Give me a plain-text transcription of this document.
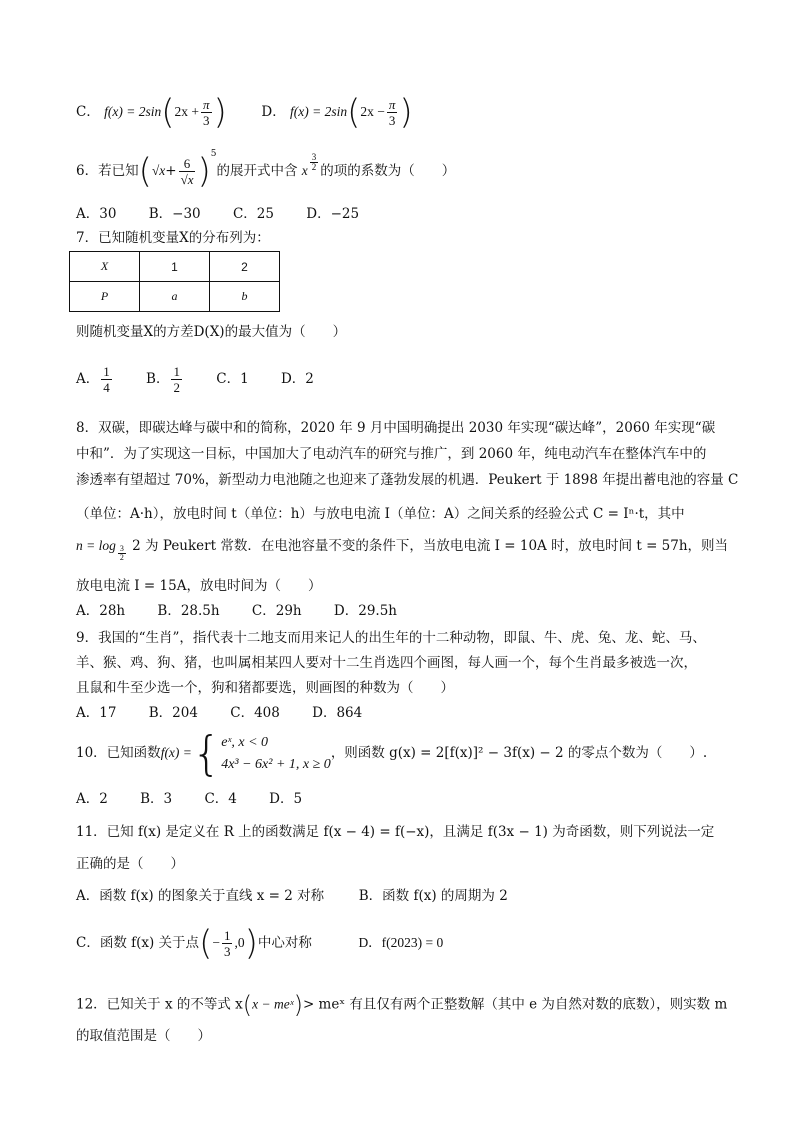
C． $f(x) = 2\sin(2x + \frac{\pi}{3}$ )	D． $f(x) = 2\sin(2x - \frac{\pi}{3}$ )
6．若已知$(√x+ \frac{6}{√x} )^5$的展开式中含 x $\frac{3}{2}$ 的项的系数为（　　）
A．30 B．−30 C．25 D．−25
7．已知随机变量X的分布列为：
X	1	2
P	a	b
则随机变量X的方差D(X)的最大值为（　　）
A． $\frac{1}{4}$	B． $\frac{1}{2}$	C．1 D．2
8．双碳，即碳达峰与碳中和的简称，2020 年 9 月中国明确提出 2030 年实现“碳达峰”，2060 年实现“碳
中和”．为了实现这一目标，中国加大了电动汽车的研究与推广，到 2060 年，纯电动汽车在整体汽车中的
渗透率有望超过 70%，新型动力电池随之也迎来了蓬勃发展的机遇．Peukert 于 1898 年提出蓄电池的容量 C
（单位：A·h），放电时间 t（单位：h）与放电电流 I（单位：A）之间关系的经验公式 C = Iⁿ·t，其中
$n = \log \frac{3}{2} 2$ 为 Peukert 常数．在电池容量不变的条件下，当放电电流 I = 10A 时，放电时间 t = 57h，则当
放电电流 I = 15A，放电时间为（　　）
A．28h B．28.5h C．29h D．29.5h
9．我国的“生肖”，指代表十二地支而用来记人的出生年的十二种动物，即鼠、牛、虎、兔、龙、蛇、马、
羊、猴、鸡、狗、猪，也叫属相某四人要对十二生肖选四个画图，每人画一个，每个生肖最多被选一次，
且鼠和牛至少选一个，狗和猪都要选，则画图的种数为（　　）
A．17 B．204 C．408 D．864
10．已知函数f(x) ={ eˣ, x < 0
4x³ − 6x² + 1, x ≥ 0
，则函数 g(x) = 2[f(x)]² − 3f(x) − 2 的零点个数为（　　）.
A．2 B．3 C．4 D．5
11．已知 f(x) 是定义在 R 上的函数满足 f(x − 4) = f(−x)，且满足 f(3x − 1) 为奇函数，则下列说法一定
正确的是（　　）
A．函数 f(x) 的图象关于直线 x = 2 对称	B．函数 f(x) 的周期为 2
C．函数 f(x) 关于点(− $\frac{1}{3} ,0$)中心对称	D．f(2023) = 0
12．已知关于 x 的不等式 x(x − meˣ)> meˣ 有且仅有两个正整数解（其中 e 为自然对数的底数），则实数 m
的取值范围是（　　）
